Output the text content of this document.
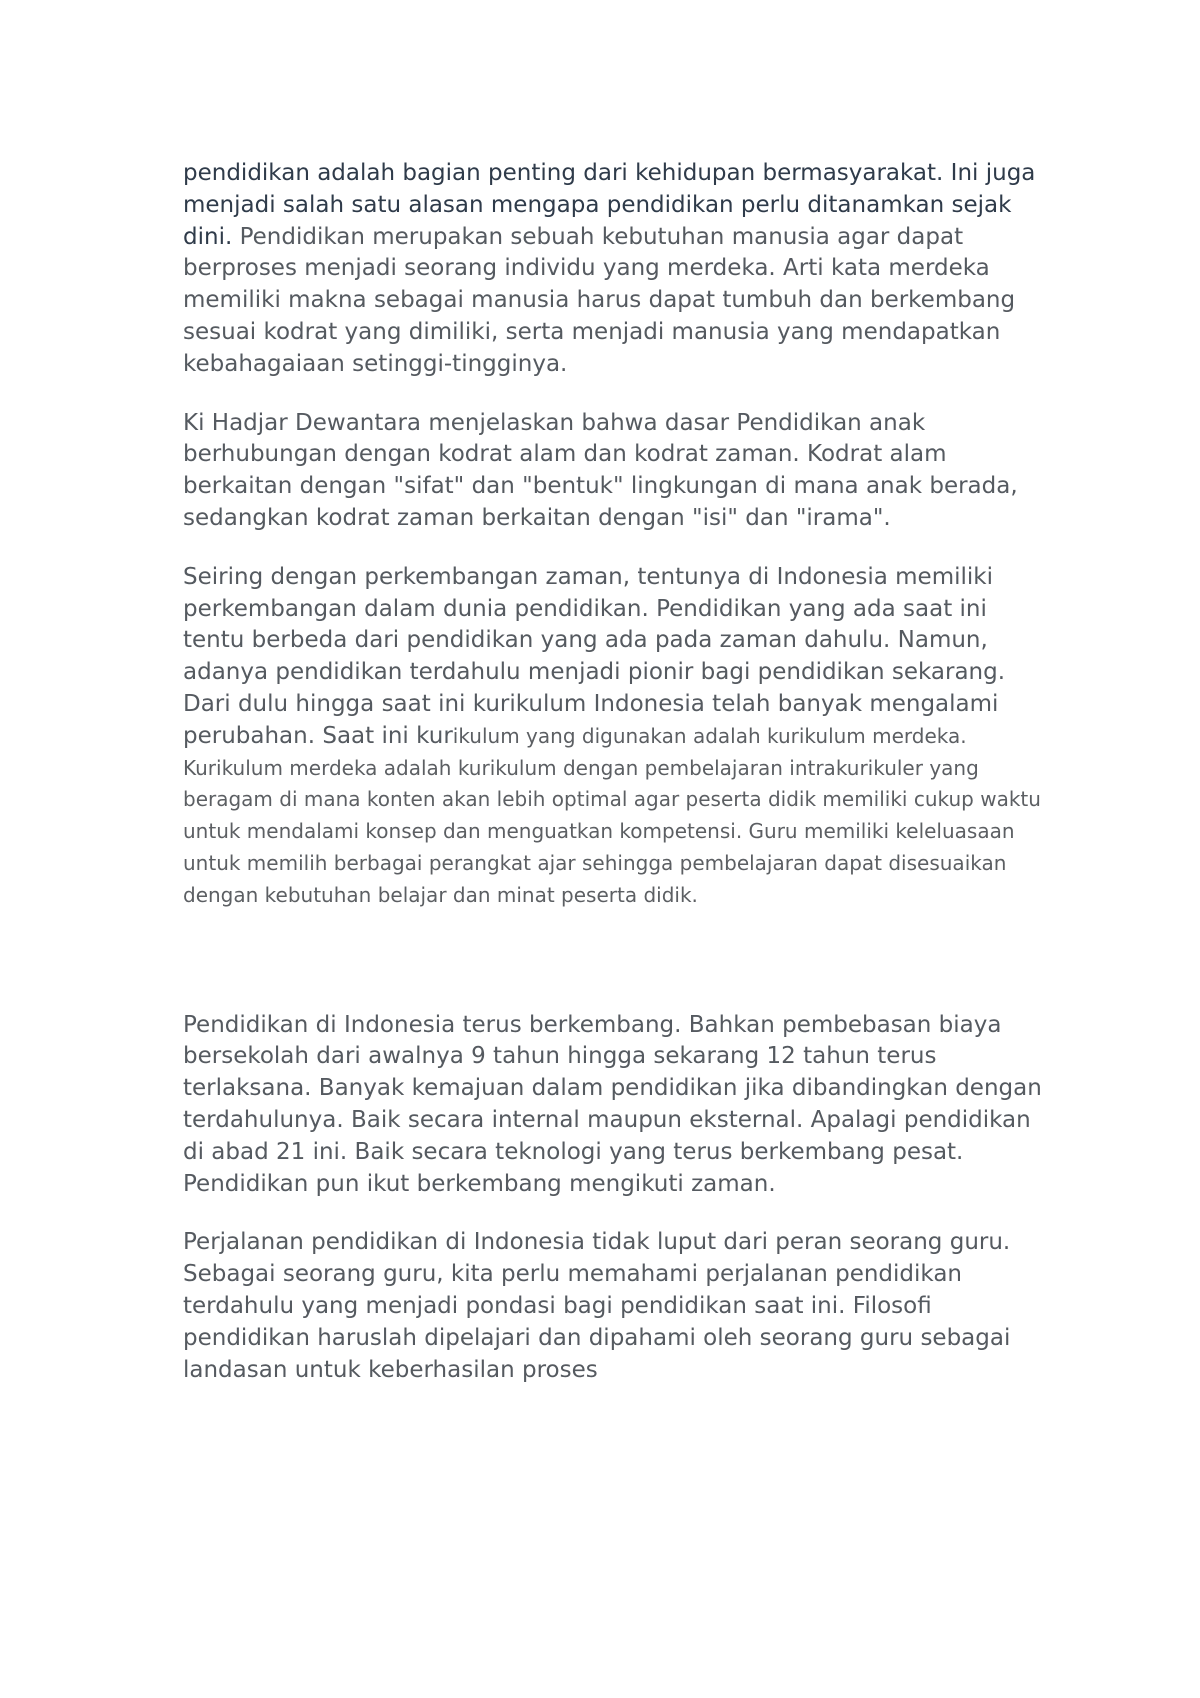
pendidikan adalah bagian penting dari kehidupan bermasyarakat. Ini juga menjadi salah satu alasan mengapa pendidikan perlu ditanamkan sejak dini. Pendidikan merupakan sebuah kebutuhan manusia agar dapat berproses menjadi seorang individu yang merdeka. Arti kata merdeka memiliki makna sebagai manusia harus dapat tumbuh dan berkembang sesuai kodrat yang dimiliki, serta menjadi manusia yang mendapatkan kebahagaiaan setinggi-tingginya.

Ki Hadjar Dewantara menjelaskan bahwa dasar Pendidikan anak berhubungan dengan kodrat alam dan kodrat zaman. Kodrat alam berkaitan dengan "sifat" dan "bentuk" lingkungan di mana anak berada, sedangkan kodrat zaman berkaitan dengan "isi" dan "irama".

Seiring dengan perkembangan zaman, tentunya di Indonesia memiliki perkembangan dalam dunia pendidikan. Pendidikan yang ada saat ini tentu berbeda dari pendidikan yang ada pada zaman dahulu. Namun, adanya pendidikan terdahulu menjadi pionir bagi pendidikan sekarang. Dari dulu hingga saat ini kurikulum Indonesia telah banyak mengalami perubahan. Saat ini kurikulum yang digunakan adalah kurikulum merdeka. Kurikulum merdeka adalah kurikulum dengan pembelajaran intrakurikuler yang beragam di mana konten akan lebih optimal agar peserta didik memiliki cukup waktu untuk mendalami konsep dan menguatkan kompetensi. Guru memiliki keleluasaan untuk memilih berbagai perangkat ajar sehingga pembelajaran dapat disesuaikan dengan kebutuhan belajar dan minat peserta didik.

Pendidikan di Indonesia terus berkembang. Bahkan pembebasan biaya bersekolah dari awalnya 9 tahun hingga sekarang 12 tahun terus terlaksana. Banyak kemajuan dalam pendidikan jika dibandingkan dengan terdahulunya. Baik secara internal maupun eksternal. Apalagi pendidikan di abad 21 ini. Baik secara teknologi yang terus berkembang pesat. Pendidikan pun ikut berkembang mengikuti zaman.

Perjalanan pendidikan di Indonesia tidak luput dari peran seorang guru. Sebagai seorang guru, kita perlu memahami perjalanan pendidikan terdahulu yang menjadi pondasi bagi pendidikan saat ini. Filosofi pendidikan haruslah dipelajari dan dipahami oleh seorang guru sebagai landasan untuk keberhasilan proses
